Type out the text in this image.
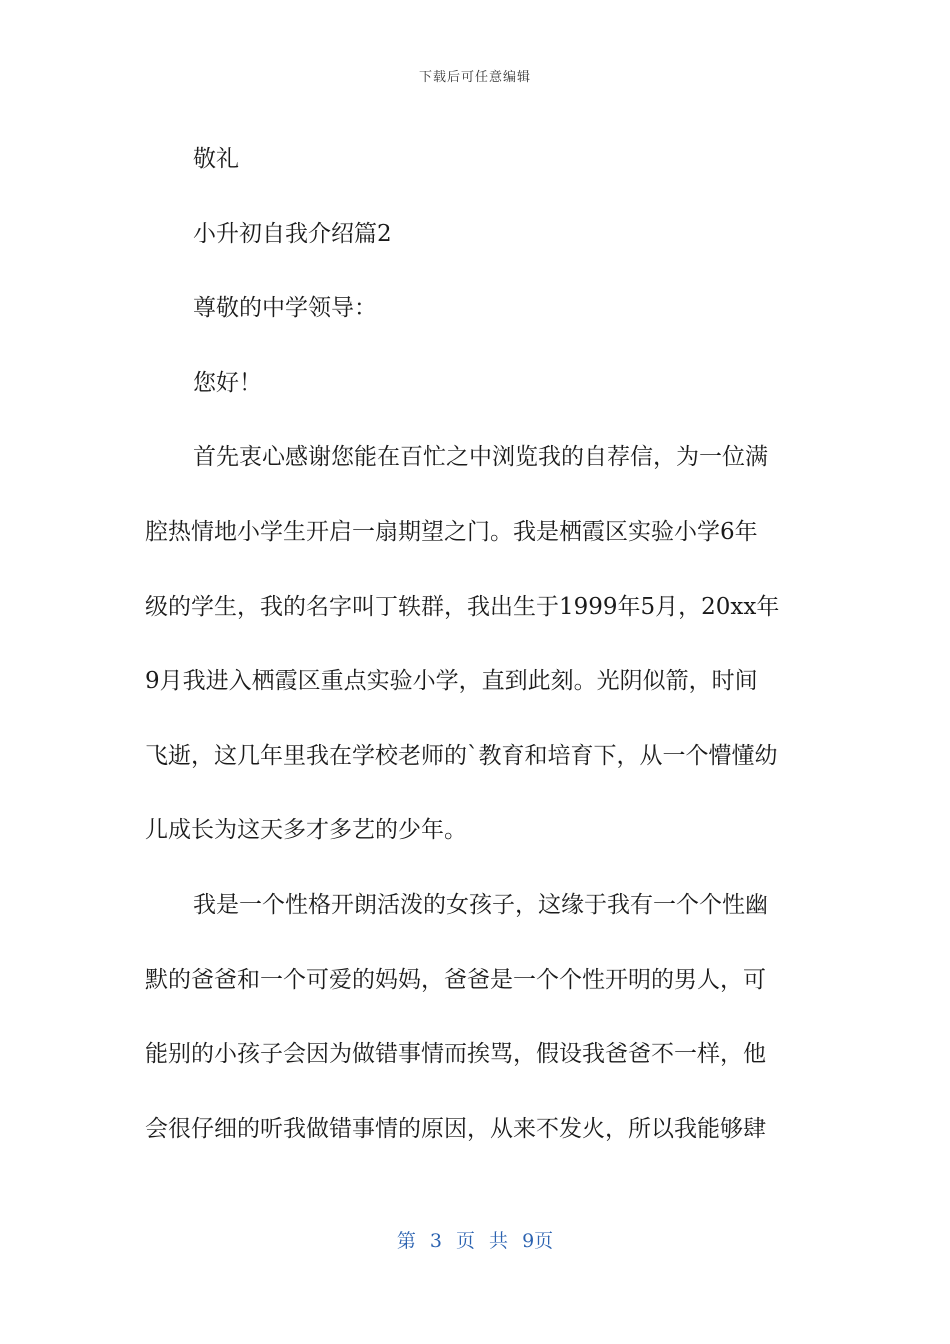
下载后可任意编辑
敬礼
小升初自我介绍篇2
尊敬的中学领导：
您好！
首先衷心感谢您能在百忙之中浏览我的自荐信，为一位满
腔热情地小学生开启一扇期望之门。我是栖霞区实验小学6年
级的学生，我的名字叫丁轶群，我出生于1999年5月，20xx年
9月我进入栖霞区重点实验小学，直到此刻。光阴似箭，时间
飞逝，这几年里我在学校老师的`教育和培育下，从一个懵懂幼
儿成长为这天多才多艺的少年。
我是一个性格开朗活泼的女孩子，这缘于我有一个个性幽
默的爸爸和一个可爱的妈妈，爸爸是一个个性开明的男人，可
能别的小孩子会因为做错事情而挨骂，假设我爸爸不一样，他
会很仔细的听我做错事情的原因，从来不发火，所以我能够肆
第 3 页 共 9页
